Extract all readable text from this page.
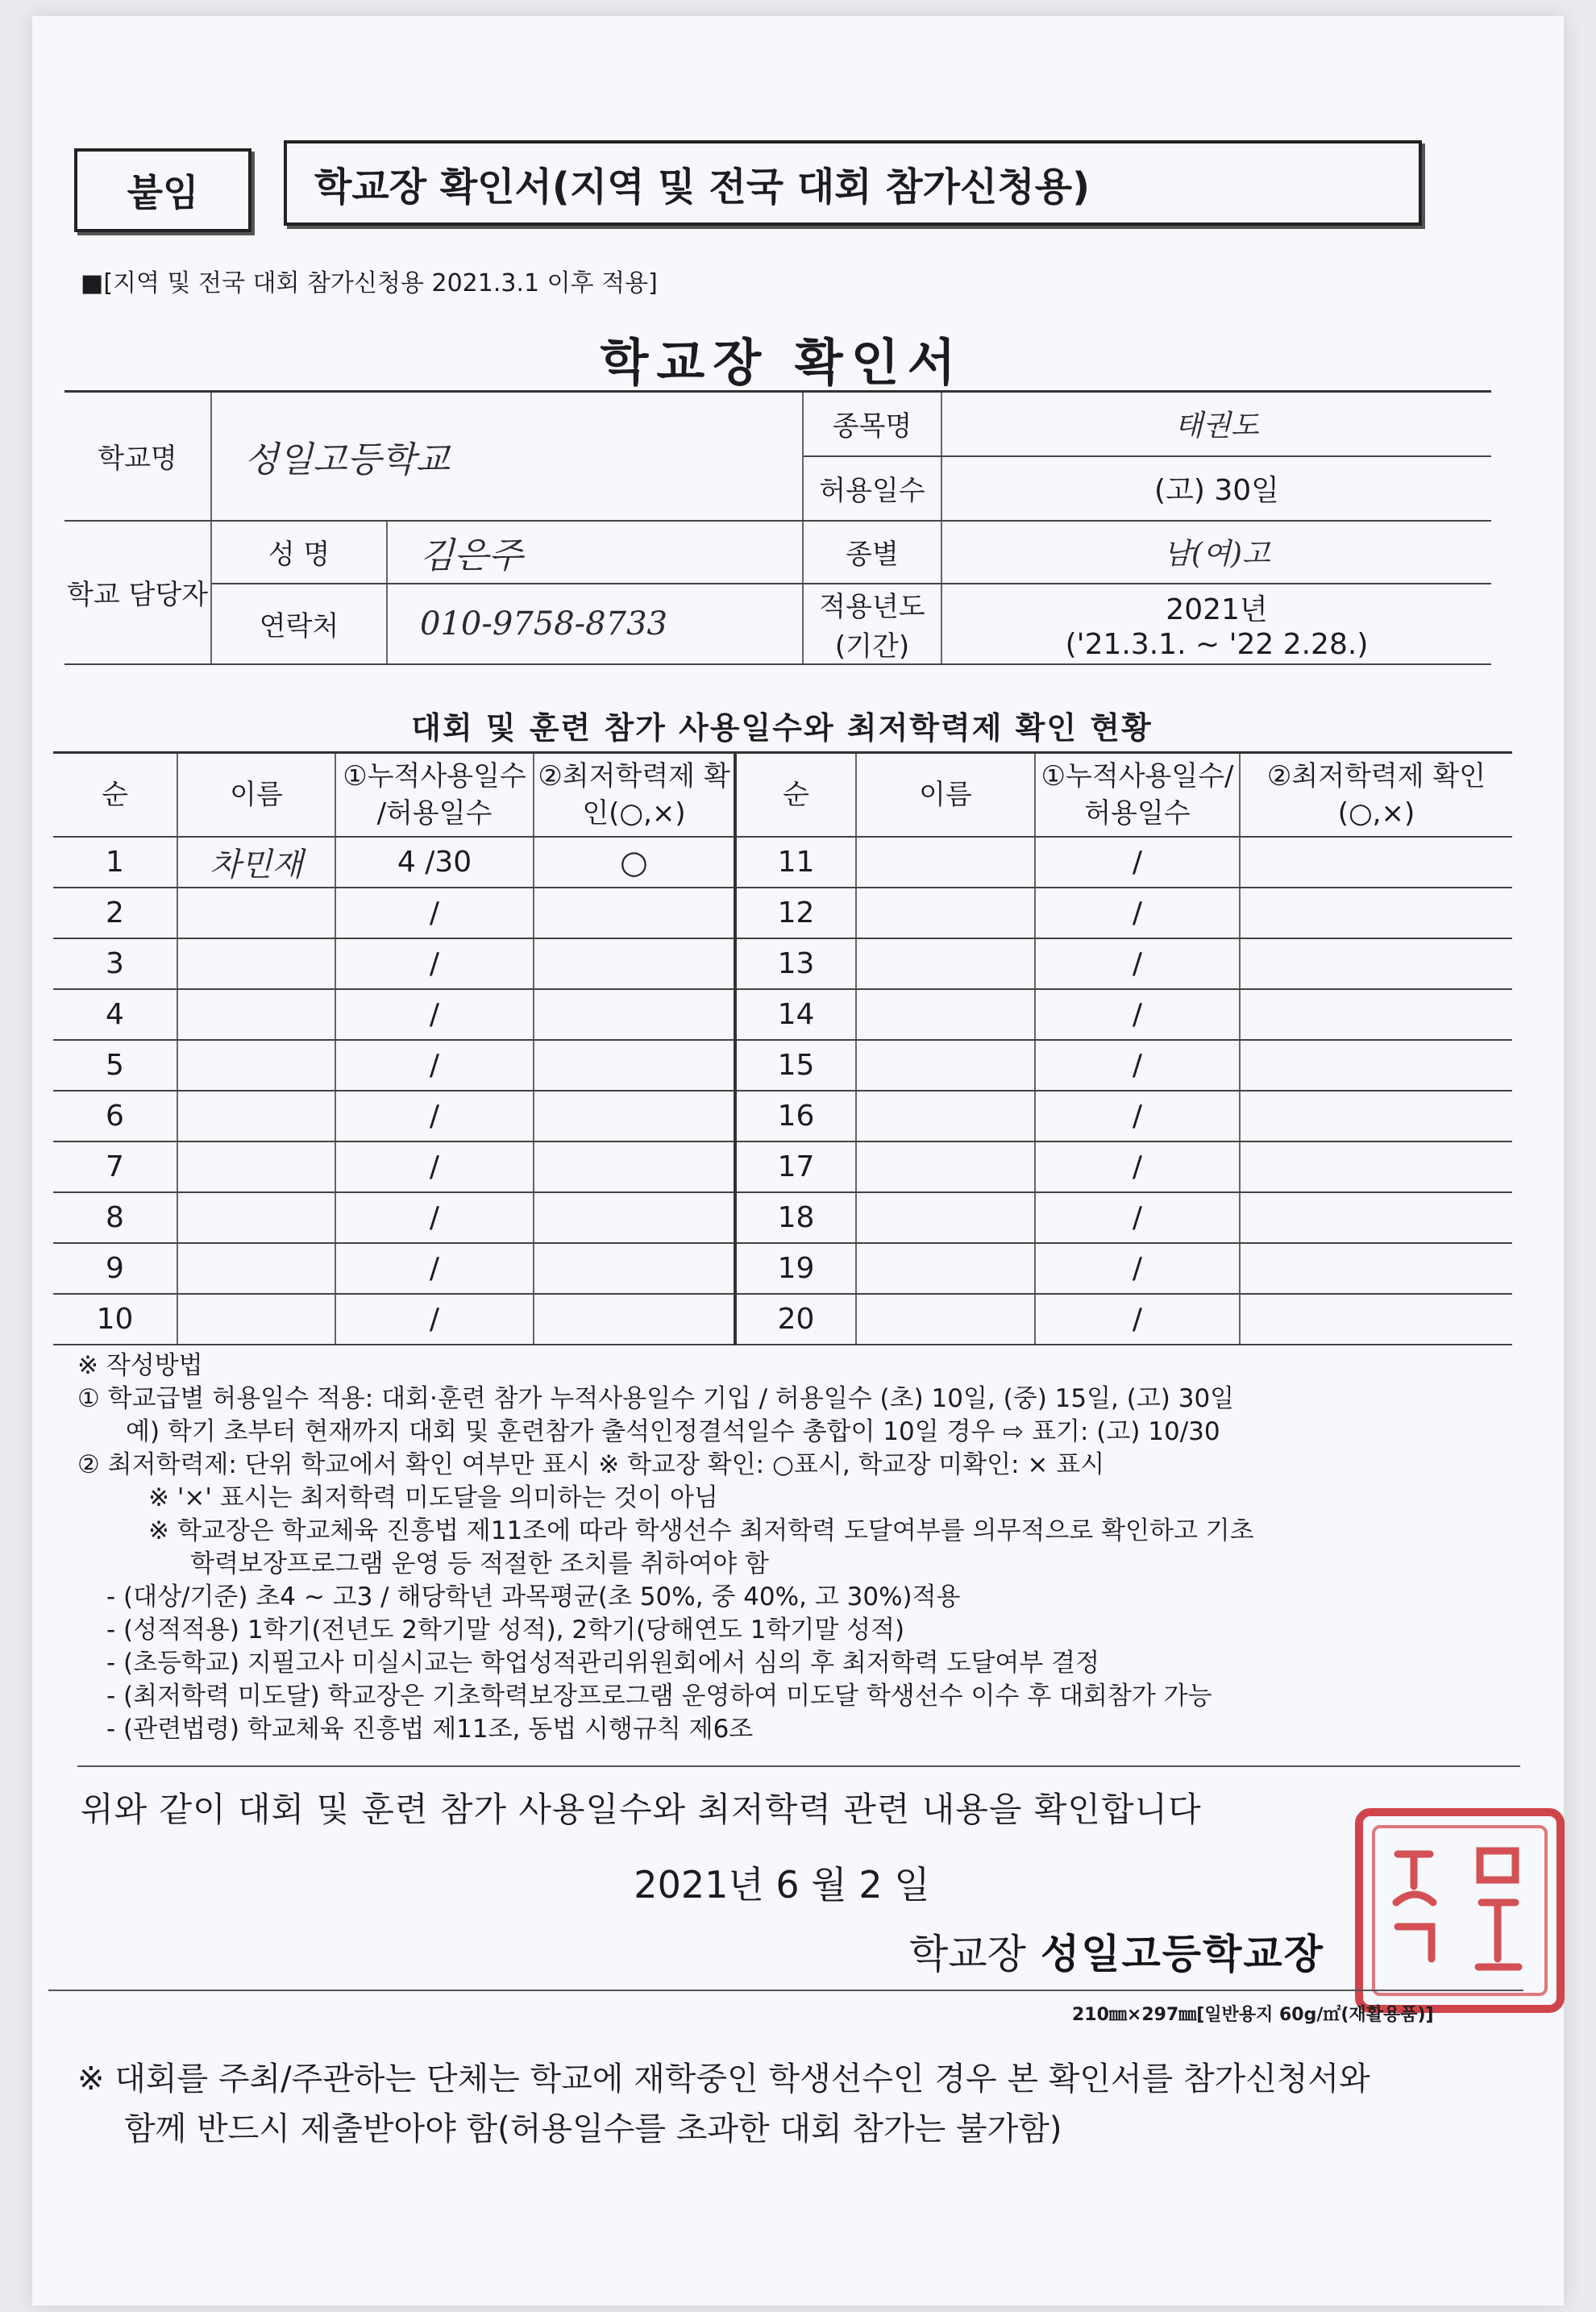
붙임	학교장 확인서(지역 및 전국 대회 참가신청용)
■[지역 및 전국 대회 참가신청용 2021.3.1 이후 적용]
학교장 확인서
학교명	성일고등학교		종목명	태권도
			허용일수	(고) 30일
학교 담당자	성 명	김은주	종별	남(여)고
	연락처	010-9758-8733	적용년도 (기간)	2021년
('21.3.1. ~ '22 2.28.)
대회 및 훈련 참가 사용일수와 최저학력제 확인 현황
순	이름	①누적사용일수 /허용일수	②최저학력제 확인(○,×)	순	이름	①누적사용일수/ 허용일수	②최저학력제 확인(○,×)
1	차민재	4 /30	○	11		/	
2		/		12		/	
3		/		13		/	
4		/		14		/	
5		/		15		/	
6		/		16		/	
7		/		17		/	
8		/		18		/	
9		/		19		/	
10		/		20		/	
※ 작성방법
① 학교급별 허용일수 적용: 대회·훈련 참가 누적사용일수 기입 / 허용일수 (초) 10일, (중) 15일, (고) 30일
예) 학기 초부터 현재까지 대회 및 훈련참가 출석인정결석일수 총합이 10일 경우 ⇨ 표기: (고) 10/30
② 최저학력제: 단위 학교에서 확인 여부만 표시 ※ 학교장 확인: ○표시, 학교장 미확인: × 표시
※ '×' 표시는 최저학력 미도달을 의미하는 것이 아님
※ 학교장은 학교체육 진흥법 제11조에 따라 학생선수 최저학력 도달여부를 의무적으로 확인하고 기초
학력보장프로그램 운영 등 적절한 조치를 취하여야 함
- (대상/기준) 초4 ~ 고3 / 해당학년 과목평균(초 50%, 중 40%, 고 30%)적용
- (성적적용) 1학기(전년도 2학기말 성적), 2학기(당해연도 1학기말 성적)
- (초등학교) 지필고사 미실시교는 학업성적관리위원회에서 심의 후 최저학력 도달여부 결정
- (최저학력 미도달) 학교장은 기초학력보장프로그램 운영하여 미도달 학생선수 이수 후 대회참가 가능
- (관련법령) 학교체육 진흥법 제11조, 동법 시행규칙 제6조
위와 같이 대회 및 훈련 참가 사용일수와 최저학력 관련 내용을 확인합니다
2021년 6 월 2 일
학교장 성일고등학교장
210㎜×297㎜[일반용지 60g/㎡(재활용품)]
※ 대회를 주최/주관하는 단체는 학교에 재학중인 학생선수인 경우 본 확인서를 참가신청서와
함께 반드시 제출받아야 함(허용일수를 초과한 대회 참가는 불가함)
